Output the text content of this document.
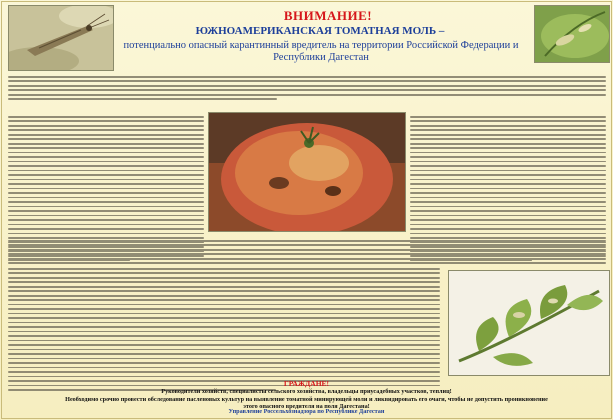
ВНИМАНИЕ!
ЮЖНОАМЕРИКАНСКАЯ ТОМАТНАЯ МОЛЬ –

потенциально опасный карантинный вредитель на территории Российской Федерации и Республики Дагестан

ГРАЖДАНЕ!

Руководители хозяйств, специалисты сельского хозяйства, владельцы приусадебных участков, теплиц!

Необходимо срочно провести обследование пасленовых культур на выявление томатной минирующей моли и ликвидировать его очаги, чтобы не допустить проникновение

этого опасного вредителя на поля Дагестана!

Управление Россельхознадзора по Республике Дагестан
